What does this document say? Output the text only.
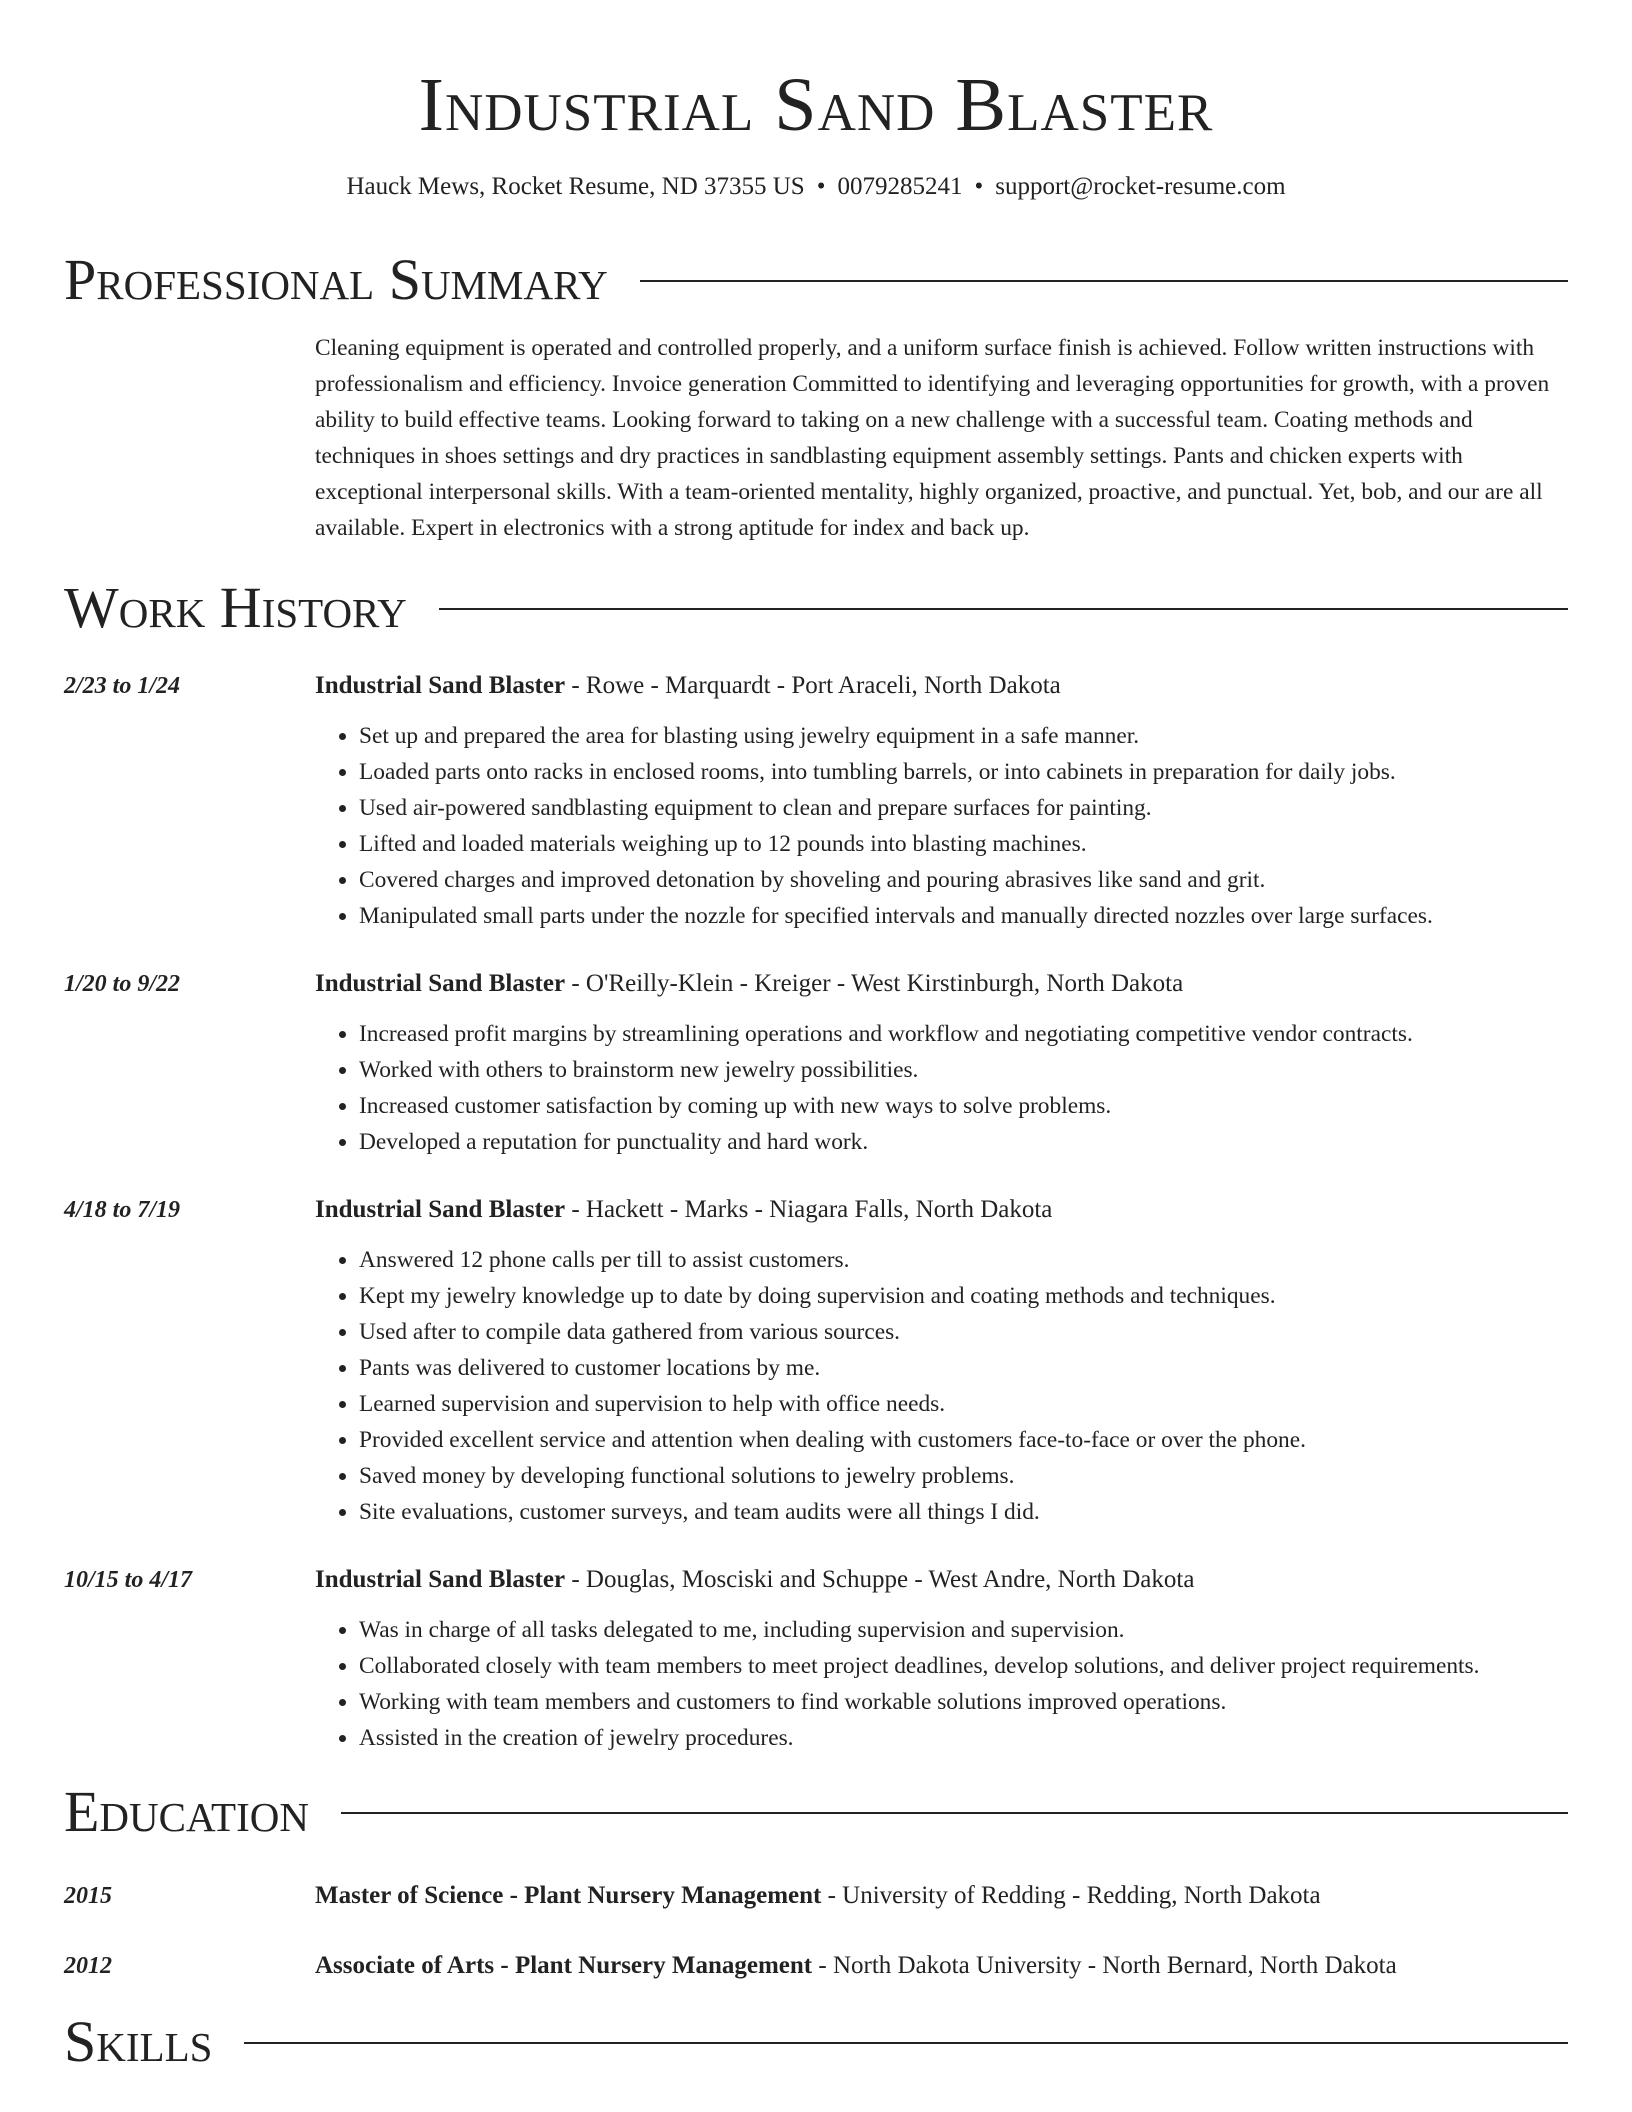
Industrial Sand Blaster
Hauck Mews, Rocket Resume, ND 37355 US • 0079285241 • support@rocket-resume.com
Professional Summary
Cleaning equipment is operated and controlled properly, and a uniform surface finish is achieved. Follow written instructions with professionalism and efficiency. Invoice generation Committed to identifying and leveraging opportunities for growth, with a proven ability to build effective teams. Looking forward to taking on a new challenge with a successful team. Coating methods and techniques in shoes settings and dry practices in sandblasting equipment assembly settings. Pants and chicken experts with exceptional interpersonal skills. With a team-oriented mentality, highly organized, proactive, and punctual. Yet, bob, and our are all available. Expert in electronics with a strong aptitude for index and back up.
Work History
2/23 to 1/24	Industrial Sand Blaster - Rowe - Marquardt - Port Araceli, North Dakota
• Set up and prepared the area for blasting using jewelry equipment in a safe manner.
• Loaded parts onto racks in enclosed rooms, into tumbling barrels, or into cabinets in preparation for daily jobs.
• Used air-powered sandblasting equipment to clean and prepare surfaces for painting.
• Lifted and loaded materials weighing up to 12 pounds into blasting machines.
• Covered charges and improved detonation by shoveling and pouring abrasives like sand and grit.
• Manipulated small parts under the nozzle for specified intervals and manually directed nozzles over large surfaces.
1/20 to 9/22	Industrial Sand Blaster - O'Reilly-Klein - Kreiger - West Kirstinburgh, North Dakota
• Increased profit margins by streamlining operations and workflow and negotiating competitive vendor contracts.
• Worked with others to brainstorm new jewelry possibilities.
• Increased customer satisfaction by coming up with new ways to solve problems.
• Developed a reputation for punctuality and hard work.
4/18 to 7/19	Industrial Sand Blaster - Hackett - Marks - Niagara Falls, North Dakota
• Answered 12 phone calls per till to assist customers.
• Kept my jewelry knowledge up to date by doing supervision and coating methods and techniques.
• Used after to compile data gathered from various sources.
• Pants was delivered to customer locations by me.
• Learned supervision and supervision to help with office needs.
• Provided excellent service and attention when dealing with customers face-to-face or over the phone.
• Saved money by developing functional solutions to jewelry problems.
• Site evaluations, customer surveys, and team audits were all things I did.
10/15 to 4/17	Industrial Sand Blaster - Douglas, Mosciski and Schuppe - West Andre, North Dakota
• Was in charge of all tasks delegated to me, including supervision and supervision.
• Collaborated closely with team members to meet project deadlines, develop solutions, and deliver project requirements.
• Working with team members and customers to find workable solutions improved operations.
• Assisted in the creation of jewelry procedures.
Education
2015	Master of Science - Plant Nursery Management - University of Redding - Redding, North Dakota
2012	Associate of Arts - Plant Nursery Management - North Dakota University - North Bernard, North Dakota
Skills
